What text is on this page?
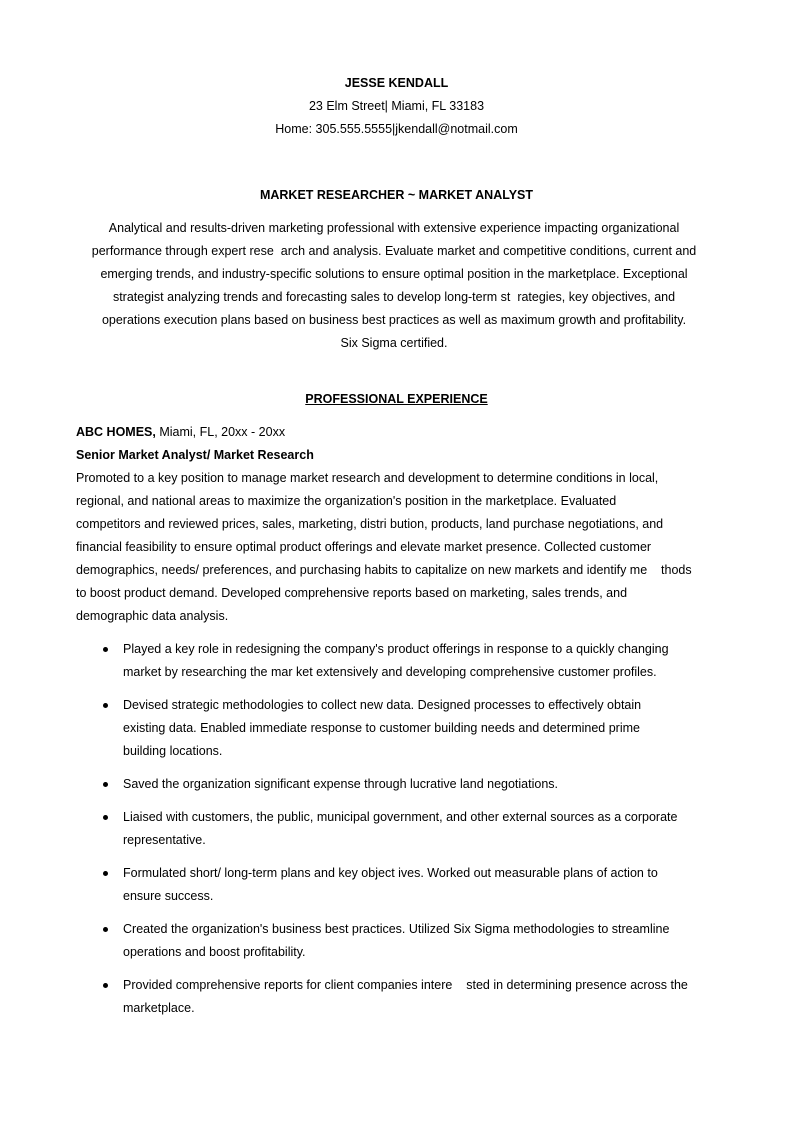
JESSE KENDALL
23 Elm Street| Miami, FL 33183
Home: 305.555.5555|jkendall@notmail.com
MARKET RESEARCHER ~ MARKET ANALYST
Analytical and results-driven marketing professional with extensive experience impacting organizational
performance through expert rese  arch and analysis. Evaluate market and competitive conditions, current and
emerging trends, and industry-specific solutions to ensure optimal position in the marketplace. Exceptional
strategist analyzing trends and forecasting sales to develop long-term st  rategies, key objectives, and
operations execution plans based on business best practices as well as maximum growth and profitability.
Six Sigma certified.
PROFESSIONAL EXPERIENCE
ABC HOMES, Miami, FL, 20xx - 20xx
Senior Market Analyst/ Market Research
Promoted to a key position to manage market research and development to determine conditions in local,
regional, and national areas to maximize the organization's position in the marketplace. Evaluated
competitors and reviewed prices, sales, marketing, distri bution, products, land purchase negotiations, and
financial feasibility to ensure optimal product offerings and elevate market presence. Collected customer
demographics, needs/ preferences, and purchasing habits to capitalize on new markets and identify me    thods
to boost product demand. Developed comprehensive reports based on marketing, sales trends, and
demographic data analysis.
Played a key role in redesigning the company's product offerings in response to a quickly changing
market by researching the mar ket extensively and developing comprehensive customer profiles.
Devised strategic methodologies to collect new data. Designed processes to effectively obtain
existing data. Enabled immediate response to customer building needs and determined prime
building locations.
Saved the organization significant expense through lucrative land negotiations.
Liaised with customers, the public, municipal government, and other external sources as a corporate
representative.
Formulated short/ long-term plans and key object ives. Worked out measurable plans of action to
ensure success.
Created the organization's business best practices. Utilized Six Sigma methodologies to streamline
operations and boost profitability.
Provided comprehensive reports for client companies intere    sted in determining presence across the
marketplace.
